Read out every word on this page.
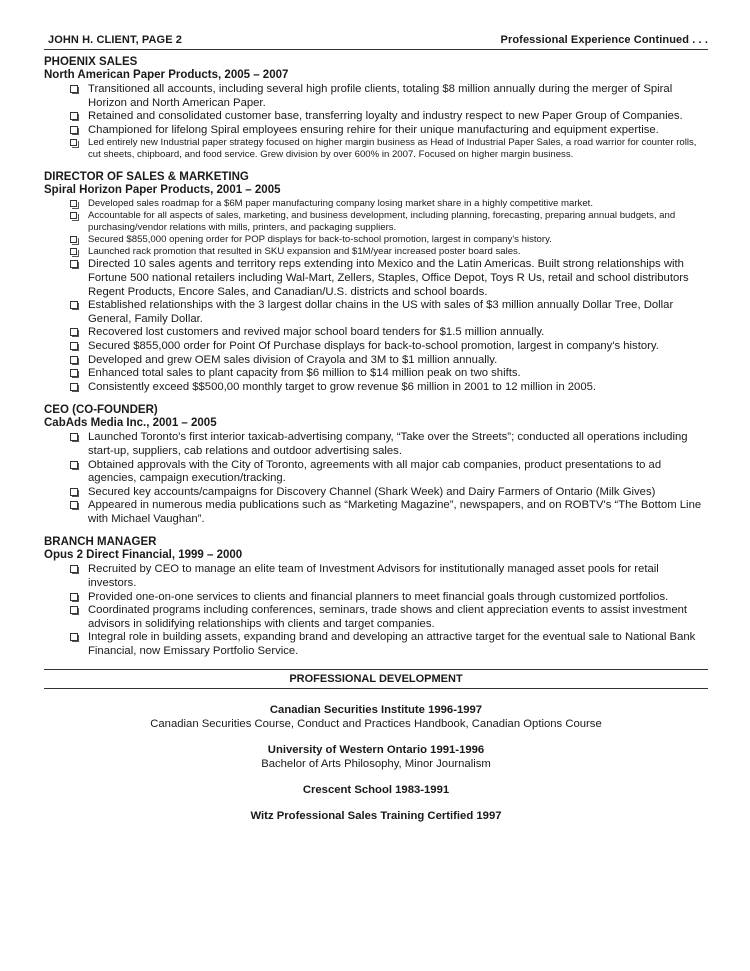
JOHN H. CLIENT, PAGE 2	Professional Experience Continued . . .
PHOENIX SALES
North American Paper Products, 2005 – 2007
Transitioned all accounts, including several high profile clients, totaling $8 million annually during the merger of Spiral Horizon and North American Paper.
Retained and consolidated customer base, transferring loyalty and industry respect to new Paper Group of Companies.
Championed for lifelong Spiral employees ensuring rehire for their unique manufacturing and equipment expertise.
Led entirely new Industrial paper strategy focused on higher margin business as Head of Industrial Paper Sales, a road warrior for counter rolls, cut sheets, chipboard, and food service. Grew division by over 600% in 2007. Focused on higher margin business.
DIRECTOR OF SALES & MARKETING
Spiral Horizon Paper Products, 2001 – 2005
Developed sales roadmap for a $6M paper manufacturing company losing market share in a highly competitive market.
Accountable for all aspects of sales, marketing, and business development, including planning, forecasting, preparing annual budgets, and purchasing/vendor relations with mills, printers, and packaging suppliers.
Secured $855,000 opening order for POP displays for back-to-school promotion, largest in company's history.
Launched rack promotion that resulted in SKU expansion and $1M/year increased poster board sales.
Directed 10 sales agents and territory reps extending into Mexico and the Latin Americas. Built strong relationships with Fortune 500 national retailers including Wal-Mart, Zellers, Staples, Office Depot, Toys R Us, retail and school distributors Regent Products, Encore Sales, and Canadian/U.S. districts and school boards.
Established relationships with the 3 largest dollar chains in the US with sales of $3 million annually Dollar Tree, Dollar General, Family Dollar.
Recovered lost customers and revived major school board tenders for $1.5 million annually.
Secured $855,000 order for Point Of Purchase displays for back-to-school promotion, largest in company's history.
Developed and grew OEM sales division of Crayola and 3M to $1 million annually.
Enhanced total sales to plant capacity from $6 million to $14 million peak on two shifts.
Consistently exceed $$500,00 monthly target to grow revenue $6 million in 2001 to 12 million in 2005.
CEO (CO-FOUNDER)
CabAds Media Inc., 2001 – 2005
Launched Toronto's first interior taxicab-advertising company, “Take over the Streets”; conducted all operations including start-up, suppliers, cab relations and outdoor advertising sales.
Obtained approvals with the City of Toronto, agreements with all major cab companies, product presentations to ad agencies, campaign execution/tracking.
Secured key accounts/campaigns for Discovery Channel (Shark Week) and Dairy Farmers of Ontario (Milk Gives)
Appeared in numerous media publications such as “Marketing Magazine”, newspapers, and on ROBTV's “The Bottom Line with Michael Vaughan”.
BRANCH MANAGER
Opus 2 Direct Financial, 1999 – 2000
Recruited by CEO to manage an elite team of Investment Advisors for institutionally managed asset pools for retail investors.
Provided one-on-one services to clients and financial planners to meet financial goals through customized portfolios.
Coordinated programs including conferences, seminars, trade shows and client appreciation events to assist investment advisors in solidifying relationships with clients and target companies.
Integral role in building assets, expanding brand and developing an attractive target for the eventual sale to National Bank Financial, now Emissary Portfolio Service.
PROFESSIONAL DEVELOPMENT
Canadian Securities Institute 1996-1997
Canadian Securities Course, Conduct and Practices Handbook, Canadian Options Course
University of Western Ontario 1991-1996
Bachelor of Arts Philosophy, Minor Journalism
Crescent School 1983-1991
Witz Professional Sales Training Certified 1997
